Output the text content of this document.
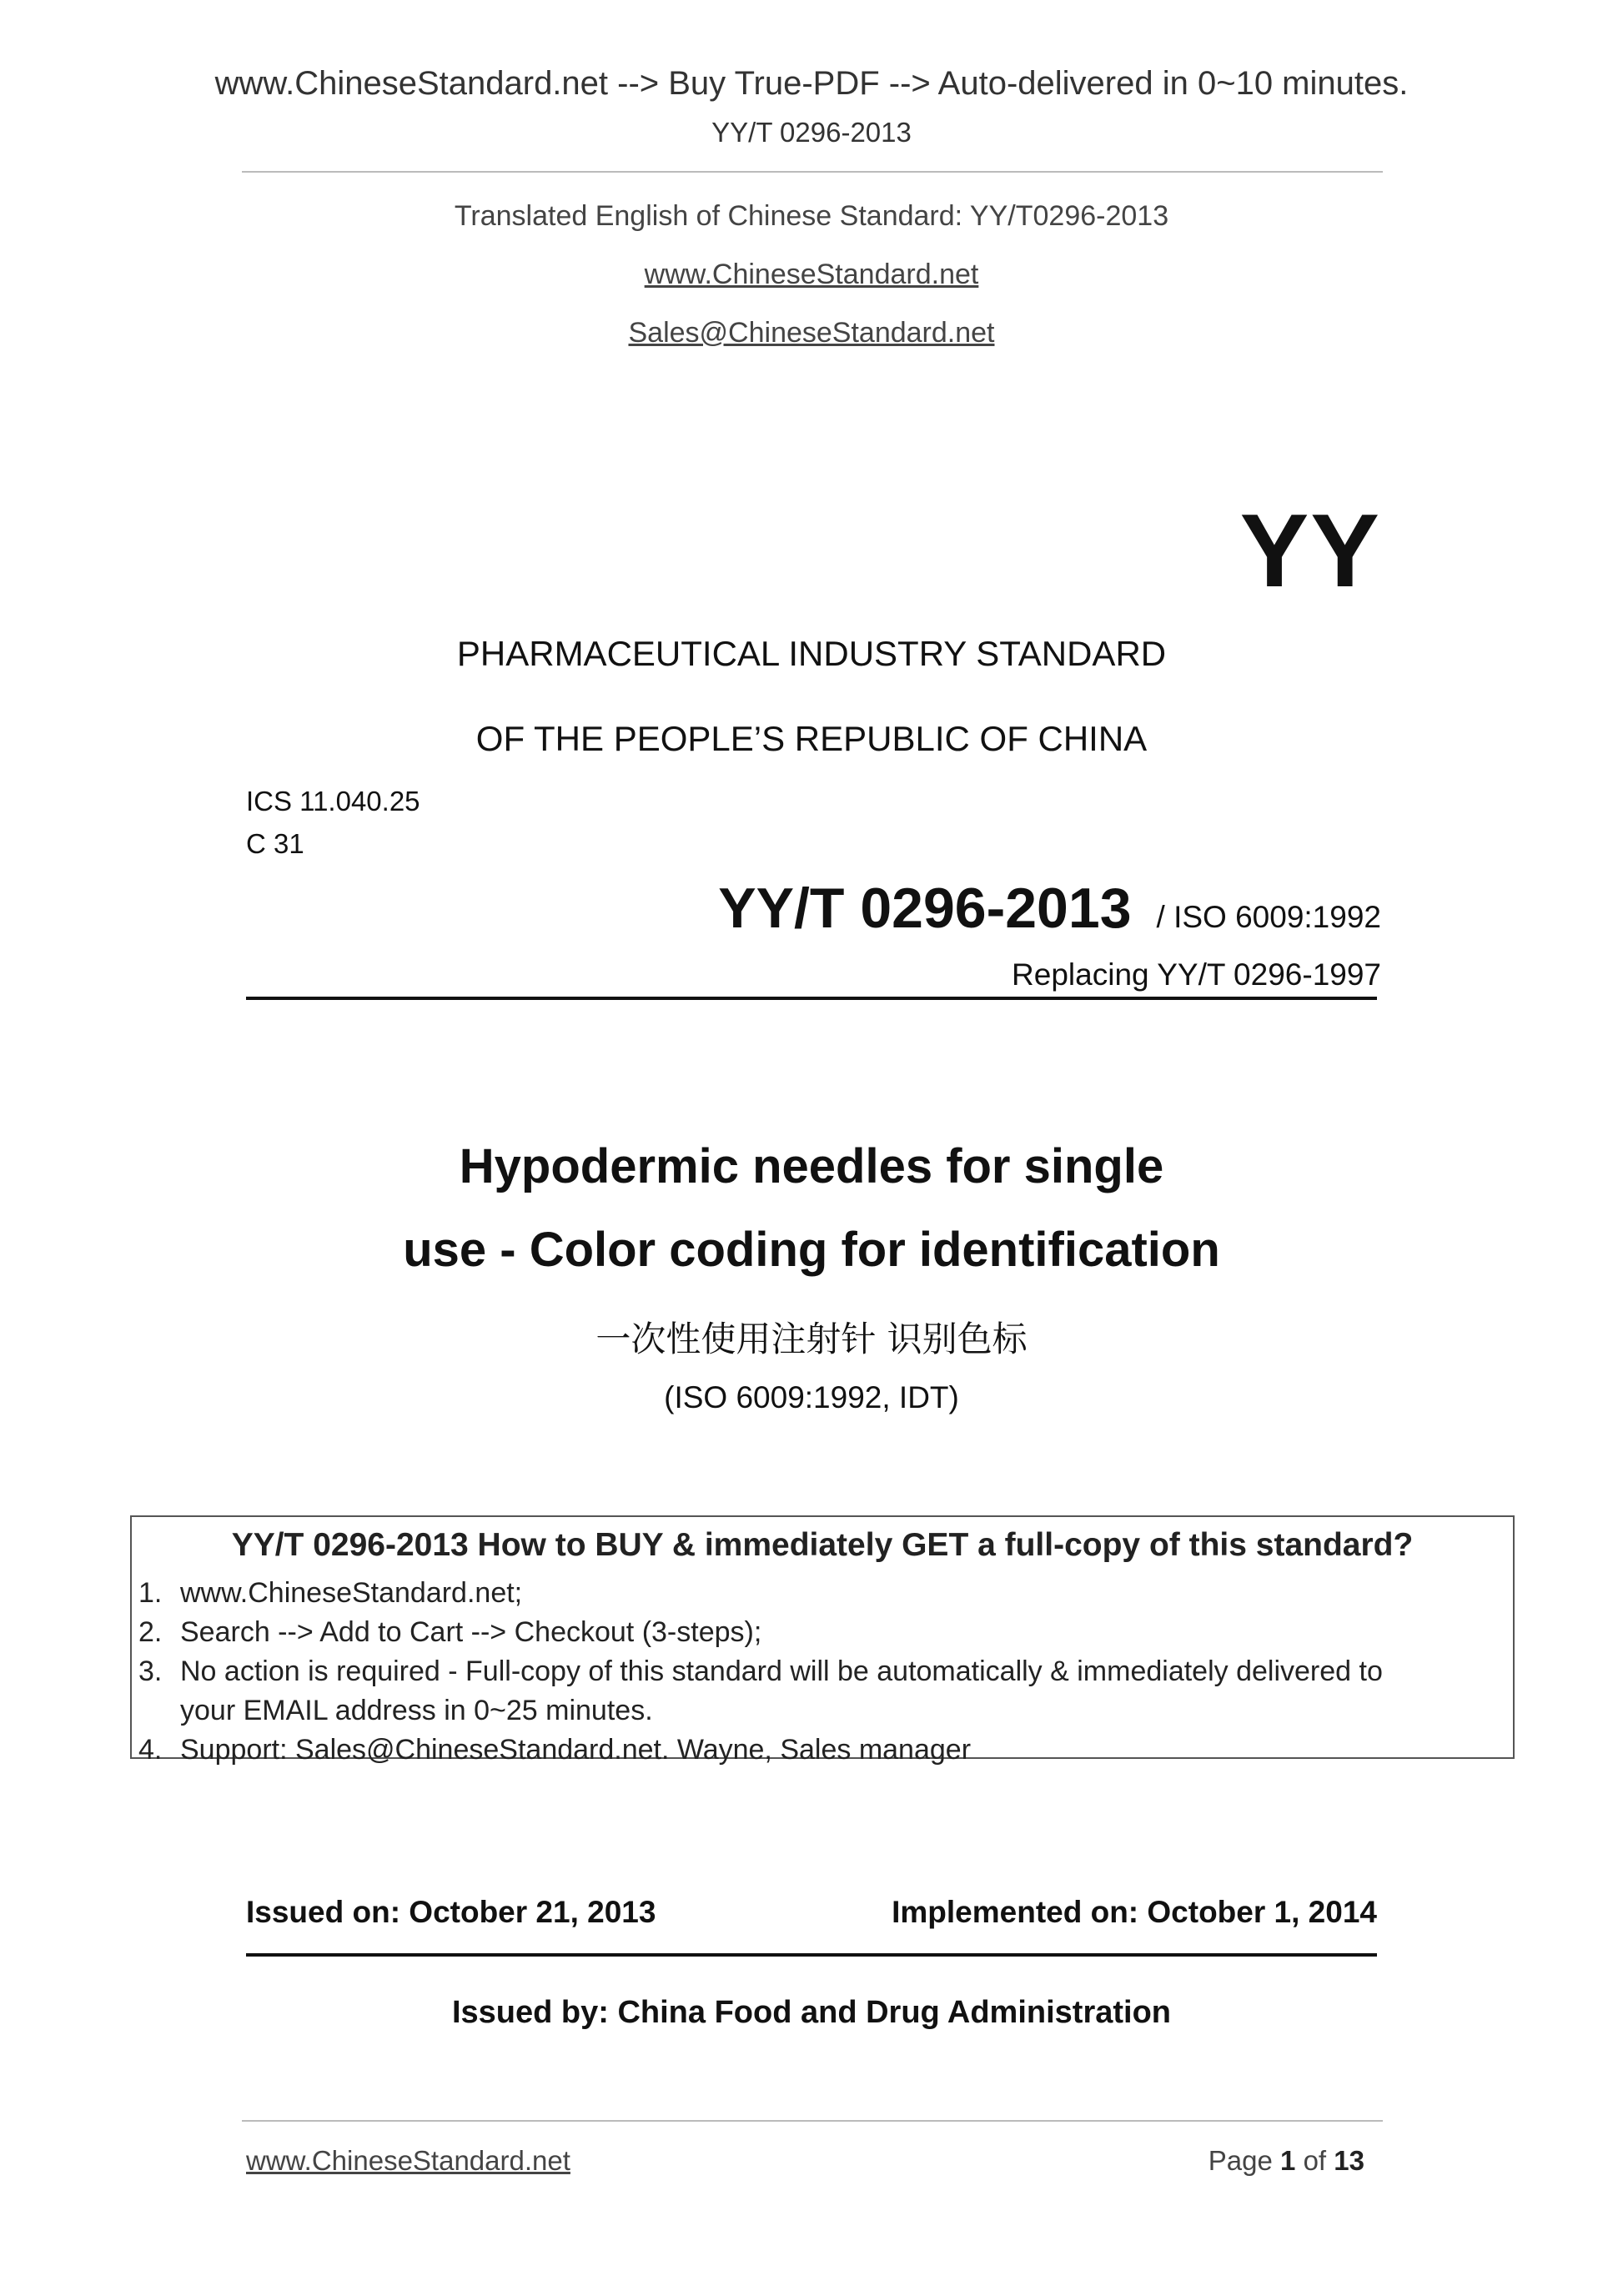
www.ChineseStandard.net --> Buy True-PDF --> Auto-delivered in 0~10 minutes.
YY/T 0296-2013
Translated English of Chinese Standard: YY/T0296-2013
www.ChineseStandard.net
Sales@ChineseStandard.net
YY
PHARMACEUTICAL INDUSTRY STANDARD
OF THE PEOPLE’S REPUBLIC OF CHINA
ICS 11.040.25
C 31
YY/T 0296-2013 / ISO 6009:1992
Replacing YY/T 0296-1997
Hypodermic needles for single
use - Color coding for identification
一次性使用注射针 识别色标
(ISO 6009:1992, IDT)
YY/T 0296-2013 How to BUY & immediately GET a full-copy of this standard?
1. www.ChineseStandard.net;
2. Search --> Add to Cart --> Checkout (3-steps);
3. No action is required - Full-copy of this standard will be automatically & immediately delivered to
your EMAIL address in 0~25 minutes.
4. Support: Sales@ChineseStandard.net. Wayne, Sales manager
Issued on: October 21, 2013	Implemented on: October 1, 2014
Issued by: China Food and Drug Administration
www.ChineseStandard.net	Page 1 of 13
